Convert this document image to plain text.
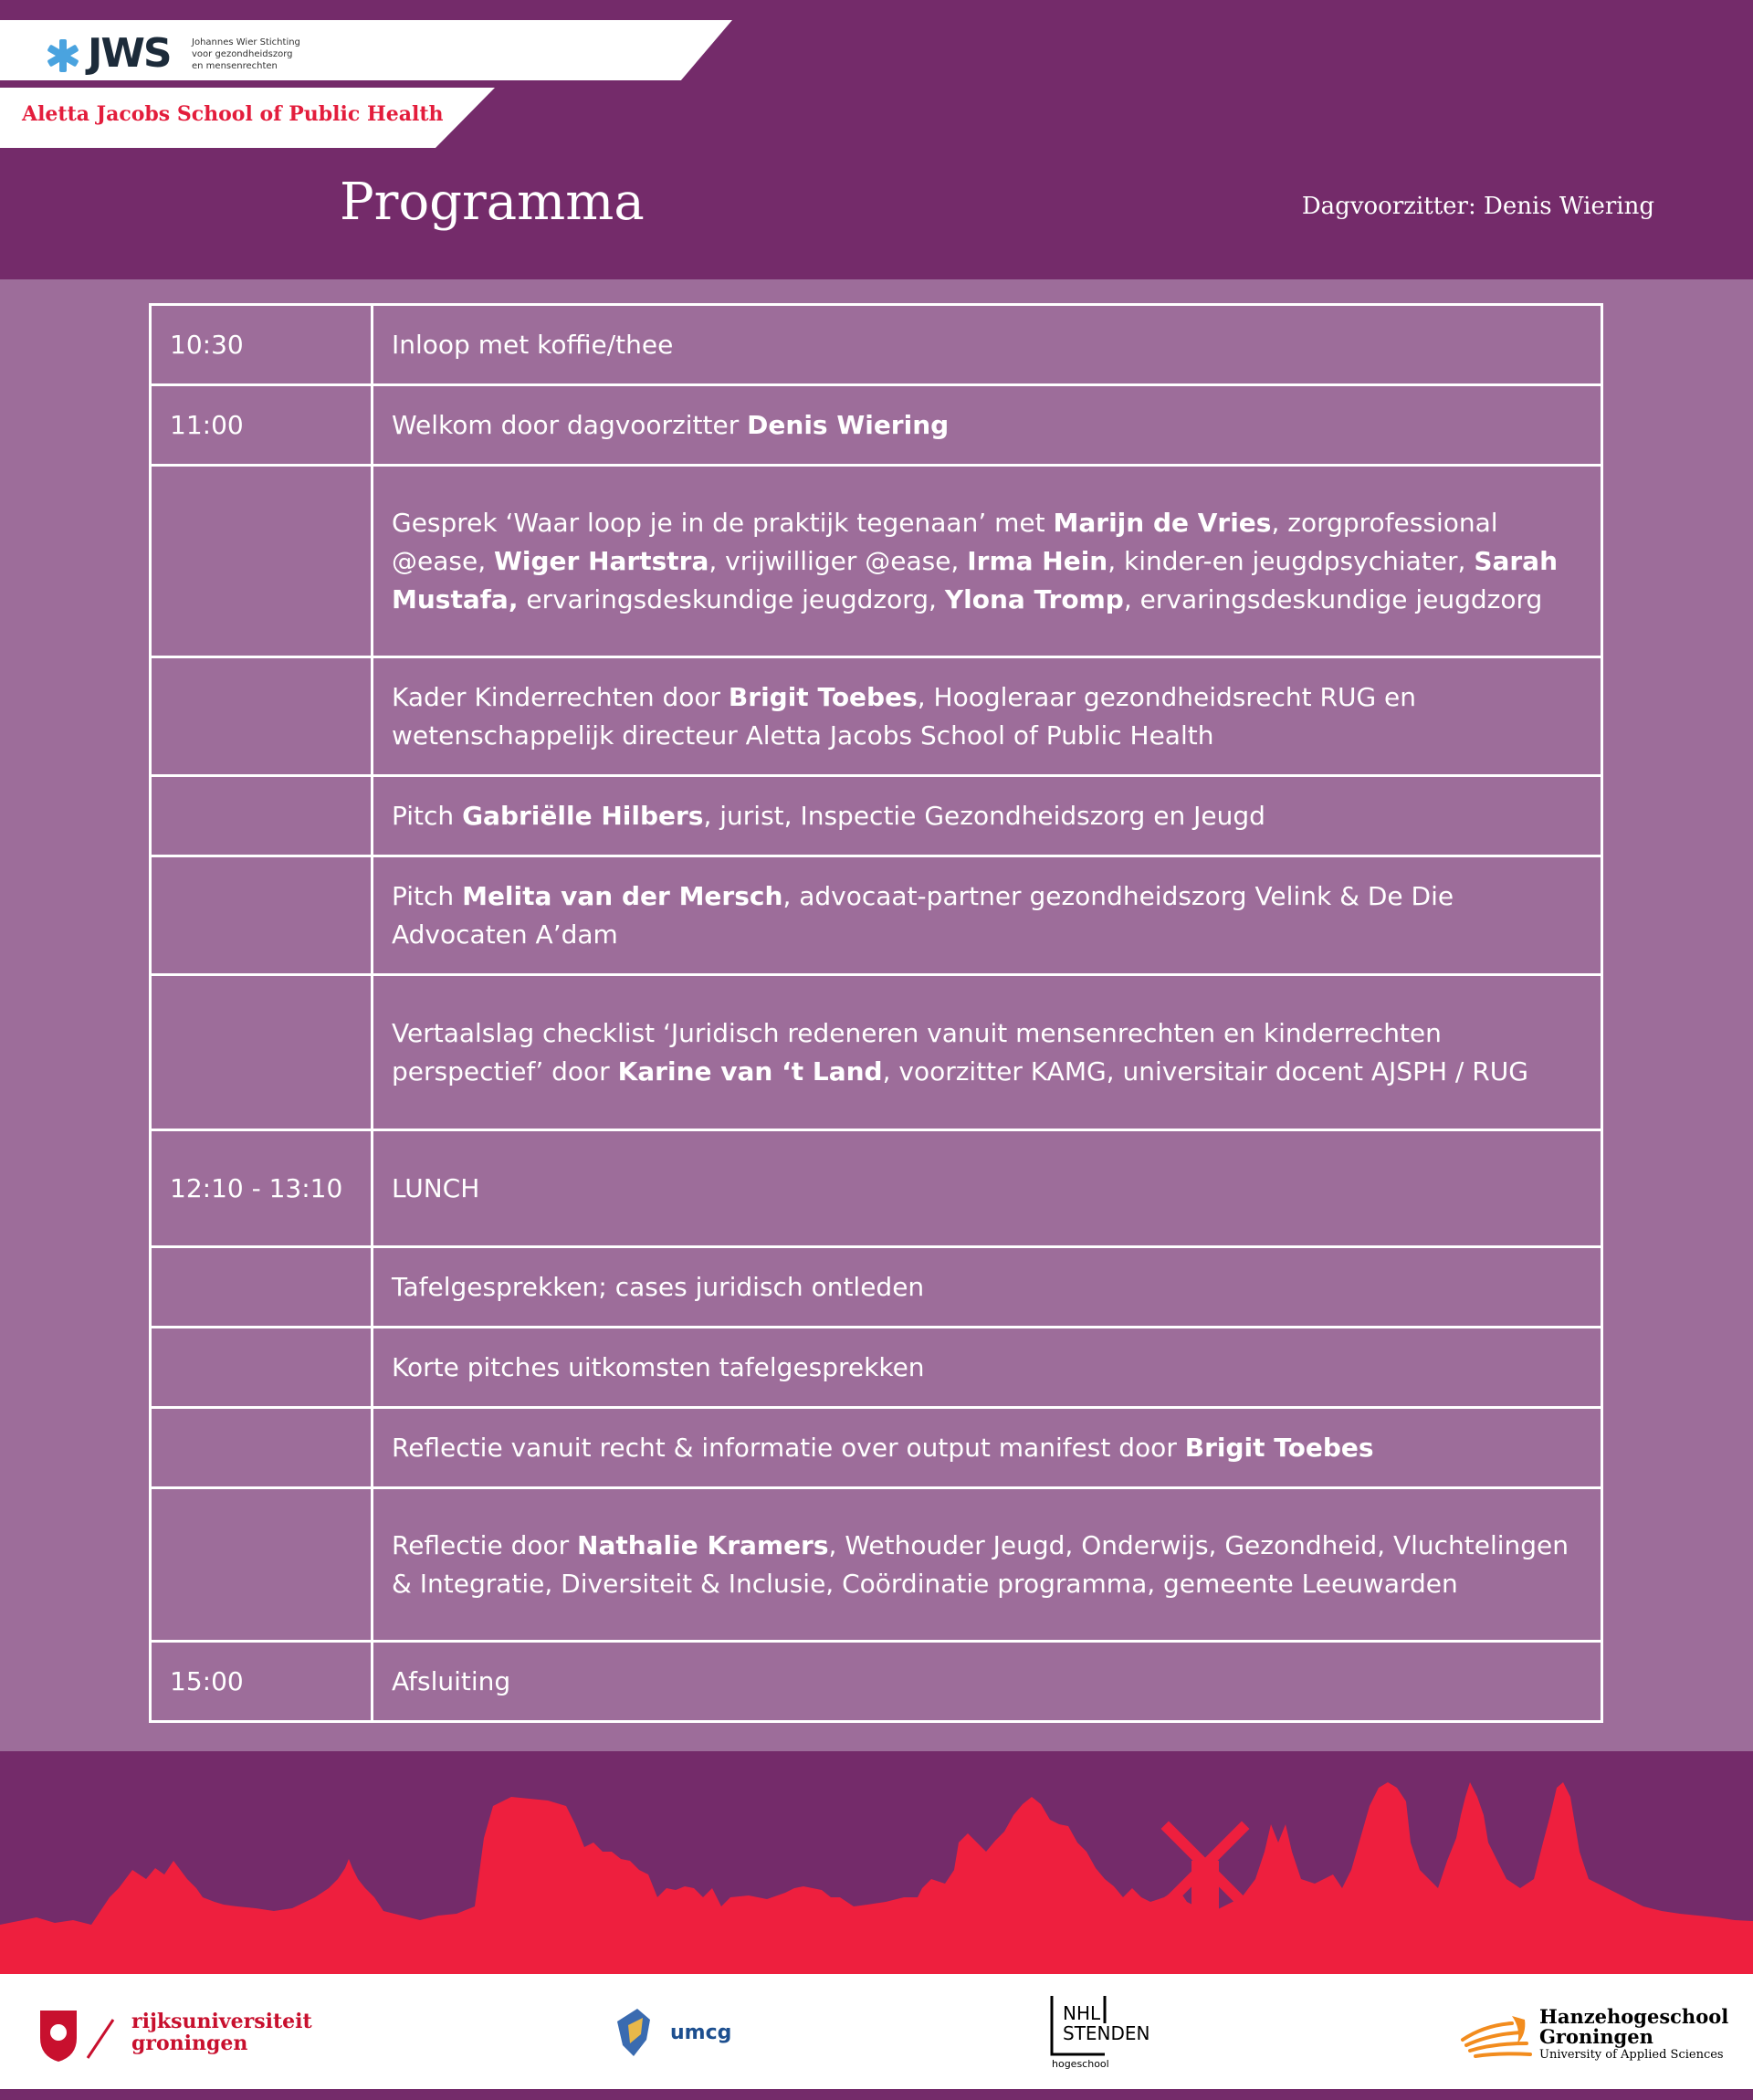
JWS Johannes Wier Stichting
voor gezondheidszorg
en mensenrechten
Aletta Jacobs School of Public Health
Programma	Dagvoorzitter: Denis Wiering
10:30	Inloop met koffie/thee
11:00	Welkom door dagvoorzitter Denis Wiering
	Gesprek ‘Waar loop je in de praktijk tegenaan’ met Marijn de Vries, zorgprofessional @ease, Wiger Hartstra, vrijwilliger @ease, Irma Hein, kinder-en jeugdpsychiater, Sarah Mustafa, ervaringsdeskundige jeugdzorg, Ylona Tromp, ervaringsdeskundige jeugdzorg
	Kader Kinderrechten door Brigit Toebes, Hoogleraar gezondheidsrecht RUG en wetenschappelijk directeur Aletta Jacobs School of Public Health
	Pitch Gabriëlle Hilbers, jurist, Inspectie Gezondheidszorg en Jeugd
	Pitch Melita van der Mersch, advocaat-partner gezondheidszorg Velink & De Die Advocaten A’dam
	Vertaalslag checklist ‘Juridisch redeneren vanuit mensenrechten en kinderrechten perspectief’ door Karine van ‘t Land, voorzitter KAMG, universitair docent AJSPH / RUG
12:10 - 13:10	LUNCH
	Tafelgesprekken; cases juridisch ontleden
	Korte pitches uitkomsten tafelgesprekken
	Reflectie vanuit recht & informatie over output manifest door Brigit Toebes
	Reflectie door Nathalie Kramers, Wethouder Jeugd, Onderwijs, Gezondheid, Vluchtelingen & Integratie, Diversiteit & Inclusie, Coördinatie programma, gemeente Leeuwarden
15:00	Afsluiting
rijksuniversiteit
groningen	umcg
NHL
STENDEN
hogeschool
Hanzehogeschool
Groningen
University of Applied Sciences
